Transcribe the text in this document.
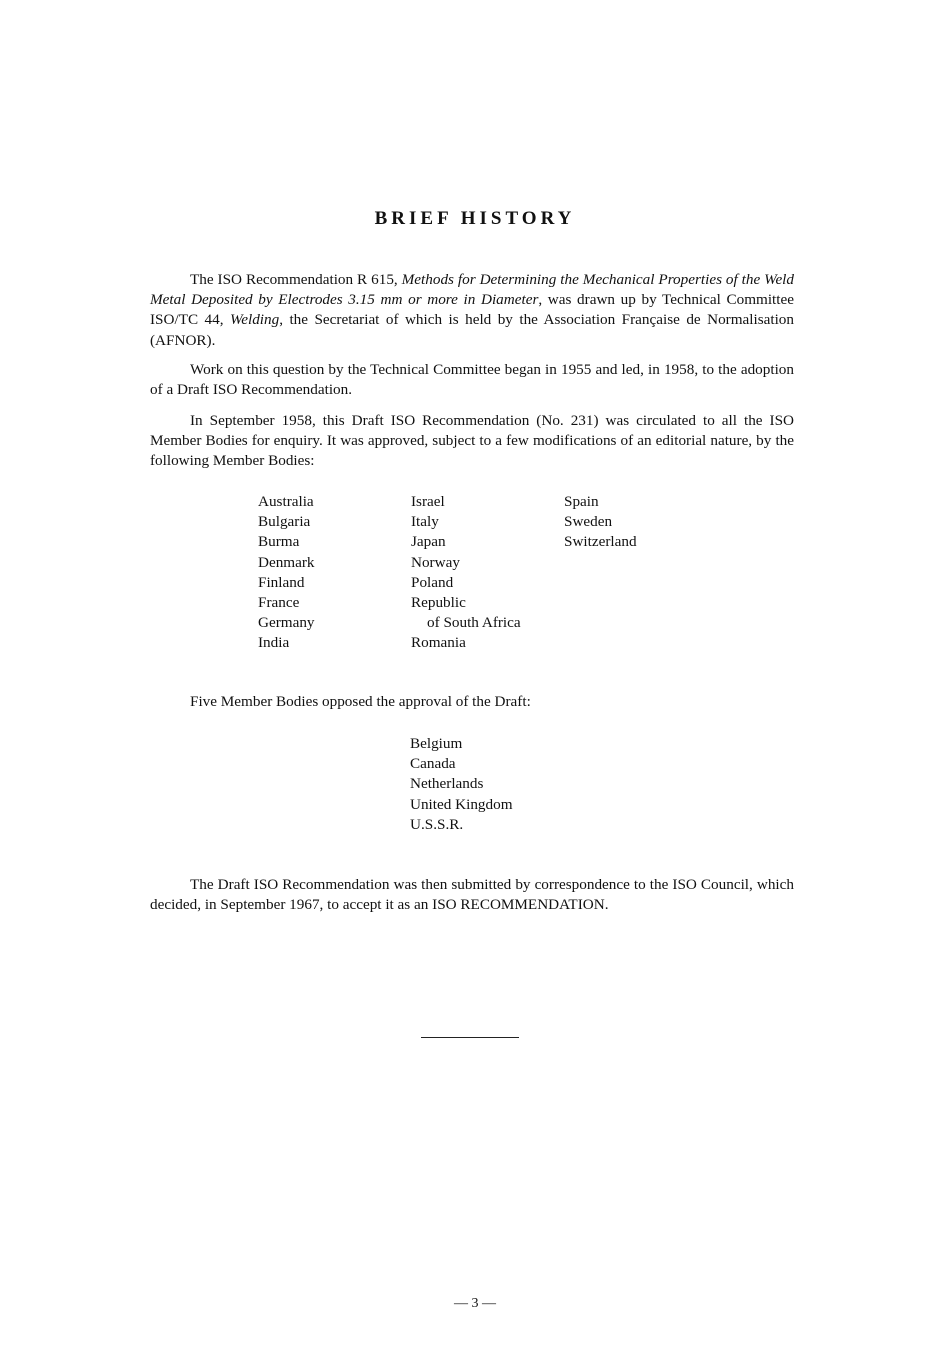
BRIEF HISTORY

The ISO Recommendation R 615, Methods for Determining the Mechanical Properties of the Weld Metal Deposited by Electrodes 3.15 mm or more in Diameter, was drawn up by Technical Committee ISO/TC 44, Welding, the Secretariat of which is held by the Association Française de Normalisation (AFNOR).

Work on this question by the Technical Committee began in 1955 and led, in 1958, to the adoption of a Draft ISO Recommendation.

In September 1958, this Draft ISO Recommendation (No. 231) was circulated to all the ISO Member Bodies for enquiry. It was approved, subject to a few modifications of an editorial nature, by the following Member Bodies:

Australia
Bulgaria
Burma
Denmark
Finland
France
Germany
India
Israel
Italy
Japan
Norway
Poland
Republic
of South Africa
Romania
Spain
Sweden
Switzerland

Five Member Bodies opposed the approval of the Draft:

Belgium
Canada
Netherlands
United Kingdom
U.S.S.R.

The Draft ISO Recommendation was then submitted by correspondence to the ISO Council, which decided, in September 1967, to accept it as an ISO RECOMMENDATION.

— 3 —
